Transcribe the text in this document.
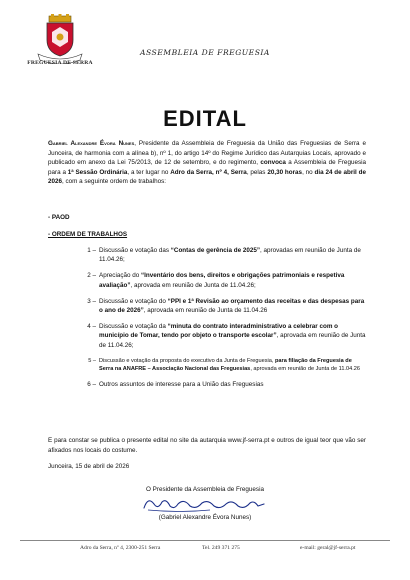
FREGUESIA DE SERRA
ASSEMBLEIA DE FREGUESIA
EDITAL
Gabriel Alexandre Évora Nunes, Presidente da Assembleia de Freguesia da União das Freguesias de Serra e Junceira, de harmonia com a alínea b), nº 1, do artigo 14º do Regime Jurídico das Autarquias Locais, aprovado e publicado em anexo da Lei 75/2013, de 12 de setembro, e do regimento, convoca a Assembleia de Freguesia para a 1ª Sessão Ordinária, a ter lugar no Adro da Serra, nº 4, Serra, pelas 20,30 horas, no dia 24 de abril de 2026, com a seguinte ordem de trabalhos:
- PAOD
- ORDEM DE TRABALHOS
1 – Discussão e votação das “Contas de gerência de 2025”, aprovadas em reunião de Junta de 11.04.26;
2 – Apreciação do “Inventário dos bens, direitos e obrigações patrimoniais e respetiva avaliação”, aprovada em reunião de Junta de 11.04.26;
3 – Discussão e votação do “PPI e 1ª Revisão ao orçamento das receitas e das despesas para o ano de 2026”, aprovada em reunião de Junta de 11.04.26
4 – Discussão e votação da “minuta do contrato interadministrativo a celebrar com o município de Tomar, tendo por objeto o transporte escolar”, aprovada em reunião de Junta de 11.04.26;
5 – Discussão e votação da proposta do executivo da Junta de Freguesia, para filiação da Freguesia de Serra na ANAFRE – Associação Nacional das Freguesias, aprovada em reunião de Junta de 11.04.26
6 – Outros assuntos de interesse para a União das Freguesias
E para constar se publica o presente edital no site da autarquia www.jf-serra.pt e outros de igual teor que vão ser afixados nos locais do costume.
Junceira, 15 de abril de 2026
O Presidente da Assembleia de Freguesia
(Gabriel Alexandre Évora Nunes)
Adro da Serra, nº 4, 2300-251 Serra	Tel. 249 371 275	e-mail: geral@jf-serra.pt
